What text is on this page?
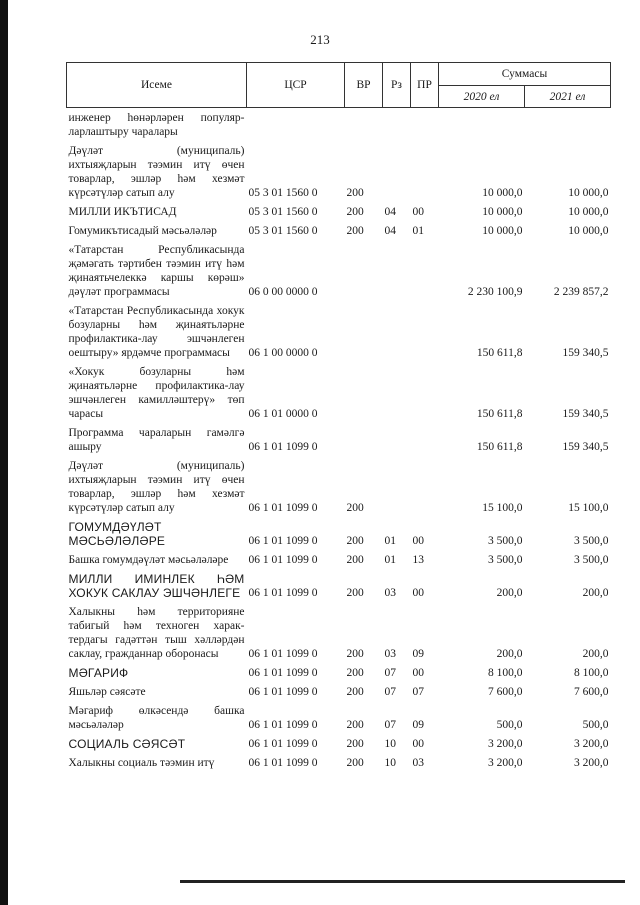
213
Исеме	ЦСР	ВР	Рз	ПР	Суммасы	
					2020 ел	2021 ел
инженер һөнәрләрен популяр-ларлаштыру чаралары						
Дәүләт (муниципаль) ихтыяҗларын тәэмин итү өчен товарлар, эшләр һәм хезмәт күрсәтүләр сатып алу	05 3 01 1560 0	200			10 000,0	10 000,0
МИЛЛИ ИКЪТИСАД	05 3 01 1560 0	200	04	00	10 000,0	10 000,0
Гомумикътисадый мәсьәләләр	05 3 01 1560 0	200	04	01	10 000,0	10 000,0
«Татарстан Республикасында җәмәгать тәртибен тәэмин итү һәм җинаятьчелеккә каршы көрәш» дәүләт программасы	06 0 00 0000 0				2 230 100,9	2 239 857,2
«Татарстан Республикасында хокук бозуларны һәм җинаятьләрне профилактика-лау эшчәнлеген оештыру» ярдәмче программасы	06 1 00 0000 0				150 611,8	159 340,5
«Хокук бозуларны һәм җинаятьләрне профилактика-лау эшчәнлеген камилләштерү» төп чарасы	06 1 01 0000 0				150 611,8	159 340,5
Программа чараларын гамәлгә ашыру	06 1 01 1099 0				150 611,8	159 340,5
Дәүләт (муниципаль) ихтыяҗларын тәэмин итү өчен товарлар, эшләр һәм хезмәт күрсәтүләр сатып алу	06 1 01 1099 0	200			15 100,0	15 100,0
ГОМУМДӘҮЛӘТ МӘСЬӘЛӘЛӘРЕ	06 1 01 1099 0	200	01	00	3 500,0	3 500,0
Башка гомумдәүләт мәсьәләләре	06 1 01 1099 0	200	01	13	3 500,0	3 500,0
МИЛЛИ ИМИНЛЕК ҺӘМ ХОКУК САКЛАУ ЭШЧӘНЛЕГЕ	06 1 01 1099 0	200	03	00	200,0	200,0
Халыкны һәм территорияне табигый һәм техноген харак-тердагы гадәттән тыш хәлләрдән саклау, гражданнар оборонасы	06 1 01 1099 0	200	03	09	200,0	200,0
МӘГАРИФ	06 1 01 1099 0	200	07	00	8 100,0	8 100,0
Яшьләр сәясәте	06 1 01 1099 0	200	07	07	7 600,0	7 600,0
Мәгариф өлкәсендә башка мәсьәләләр	06 1 01 1099 0	200	07	09	500,0	500,0
СОЦИАЛЬ СӘЯСӘТ	06 1 01 1099 0	200	10	00	3 200,0	3 200,0
Халыкны социаль тәэмин итү	06 1 01 1099 0	200	10	03	3 200,0	3 200,0
